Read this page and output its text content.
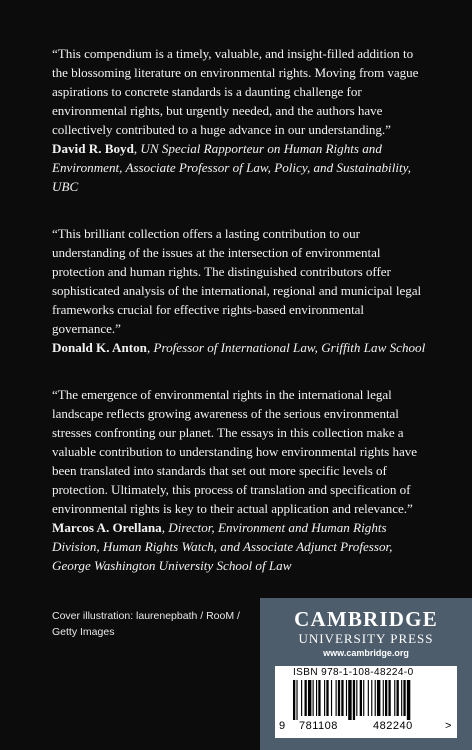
“This compendium is a timely, valuable, and insight-filled addition to the blossoming literature on environmental rights. Moving from vague aspirations to concrete standards is a daunting challenge for environmental rights, but urgently needed, and the authors have collectively contributed to a huge advance in our understanding.”

David R. Boyd, UN Special Rapporteur on Human Rights and Environment, Associate Professor of Law, Policy, and Sustainability, UBC

“This brilliant collection offers a lasting contribution to our understanding of the issues at the intersection of environmental protection and human rights. The distinguished contributors offer sophisticated analysis of the international, regional and municipal legal frameworks crucial for effective rights-based environmental governance.”

Donald K. Anton, Professor of International Law, Griffith Law School

“The emergence of environmental rights in the international legal landscape reflects growing awareness of the serious environmental stresses confronting our planet. The essays in this collection make a valuable contribution to understanding how environmental rights have been translated into standards that set out more specific levels of protection. Ultimately, this process of translation and specification of environmental rights is key to their actual application and relevance.”

Marcos A. Orellana, Director, Environment and Human Rights Division, Human Rights Watch, and Associate Adjunct Professor, George Washington University School of Law
Cover illustration: laurenepbath / RooM / Getty Images
CAMBRIDGE
UNIVERSITY PRESS
www.cambridge.org
ISBN 978-1-108-48224-0
9 781108	482240	>
